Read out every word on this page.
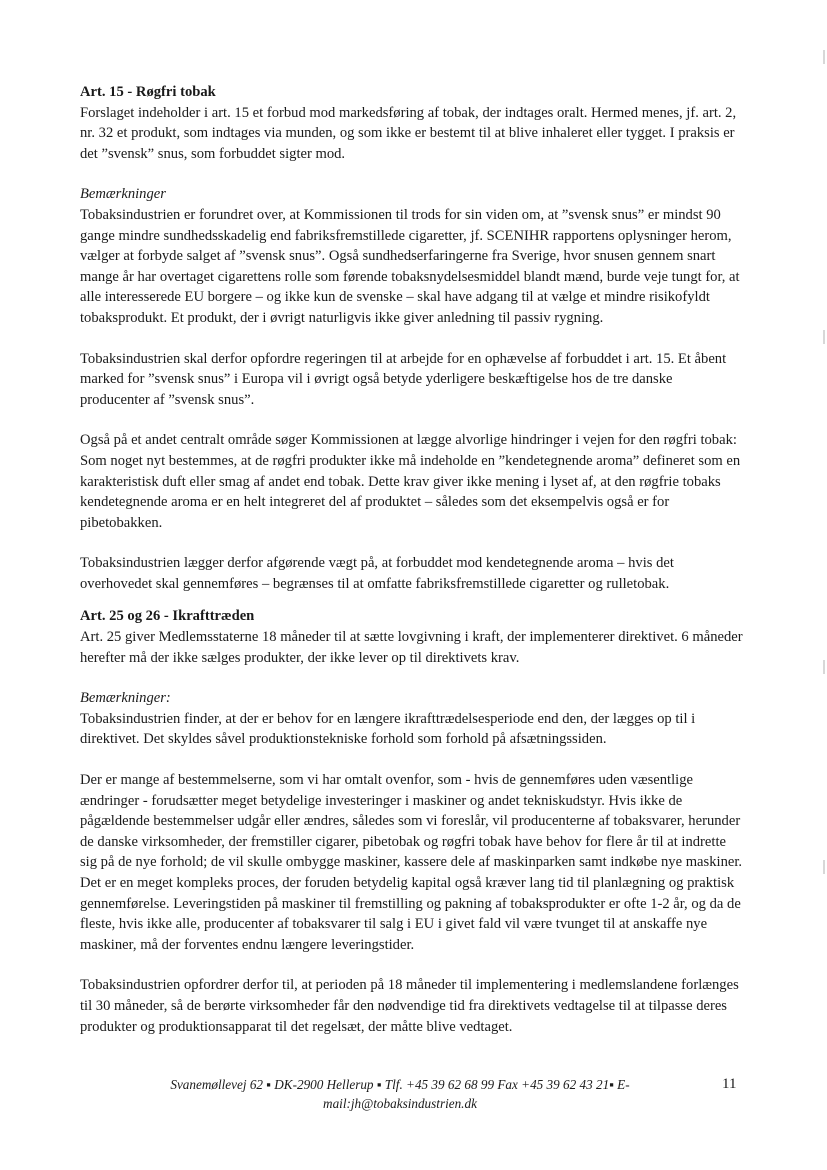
Art. 15 - Røgfri tobak

Forslaget indeholder i art. 15 et forbud mod markedsføring af tobak, der indtages oralt. Hermed menes, jf. art. 2, nr. 32 et produkt, som indtages via munden, og som ikke er bestemt til at blive inhaleret eller tygget. I praksis er det ”svensk” snus, som forbuddet sigter mod.

Bemærkninger

Tobaksindustrien er forundret over, at Kommissionen til trods for sin viden om, at ”svensk snus” er mindst 90 gange mindre sundhedsskadelig end fabriksfremstillede cigaretter, jf. SCENIHR rapportens oplysninger herom, vælger at forbyde salget af ”svensk snus”. Også sundhedserfaringerne fra Sverige, hvor snusen gennem snart mange år har overtaget cigarettens rolle som førende tobaksnydelsesmiddel blandt mænd, burde veje tungt for, at alle interesserede EU borgere – og ikke kun de svenske – skal have adgang til at vælge et mindre risikofyldt tobaksprodukt. Et produkt, der i øvrigt naturligvis ikke giver anledning til passiv rygning.

Tobaksindustrien skal derfor opfordre regeringen til at arbejde for en ophævelse af forbuddet i art. 15. Et åbent marked for ”svensk snus” i Europa vil i øvrigt også betyde yderligere beskæftigelse hos de tre danske producenter af ”svensk snus”.

Også på et andet centralt område søger Kommissionen at lægge alvorlige hindringer i vejen for den røgfri tobak: Som noget nyt bestemmes, at de røgfri produkter ikke må indeholde en ”kendetegnende aroma” defineret som en karakteristisk duft eller smag af andet end tobak. Dette krav giver ikke mening i lyset af, at den røgfrie tobaks kendetegnende aroma er en helt integreret del af produktet – således som det eksempelvis også er for pibetobakken.

Tobaksindustrien lægger derfor afgørende vægt på, at forbuddet mod kendetegnende aroma – hvis det overhovedet skal gennemføres – begrænses til at omfatte fabriksfremstillede cigaretter og rulletobak.

Art. 25 og 26 - Ikrafttræden

Art. 25 giver Medlemsstaterne 18 måneder til at sætte lovgivning i kraft, der implementerer direktivet. 6 måneder herefter må der ikke sælges produkter, der ikke lever op til direktivets krav.

Bemærkninger:

Tobaksindustrien finder, at der er behov for en længere ikrafttrædelsesperiode end den, der lægges op til i direktivet. Det skyldes såvel produktionstekniske forhold som forhold på afsætningssiden.

Der er mange af bestemmelserne, som vi har omtalt ovenfor, som - hvis de gennemføres uden væsentlige ændringer - forudsætter meget betydelige investeringer i maskiner og andet tekniskudstyr. Hvis ikke de pågældende bestemmelser udgår eller ændres, således som vi foreslår, vil producenterne af tobaksvarer, herunder de danske virksomheder, der fremstiller cigarer, pibetobak og røgfri tobak have behov for flere år til at indrette sig på de nye forhold; de vil skulle ombygge maskiner, kassere dele af maskinparken samt indkøbe nye maskiner. Det er en meget kompleks proces, der foruden betydelig kapital også kræver lang tid til planlægning og praktisk gennemførelse. Leveringstiden på maskiner til fremstilling og pakning af tobaksprodukter er ofte 1-2 år, og da de fleste, hvis ikke alle, producenter af tobaksvarer til salg i EU i givet fald vil være tvunget til at anskaffe nye maskiner, må der forventes endnu længere leveringstider.

Tobaksindustrien opfordrer derfor til, at perioden på 18 måneder til implementering i medlemslandene forlænges til 30 måneder, så de berørte virksomheder får den nødvendige tid fra direktivets vedtagelse til at tilpasse deres produkter og produktionsapparat til det regelsæt, der måtte blive vedtaget.

Svanemøllevej 62 ▪ DK-2900 Hellerup ▪ Tlf. +45 39 62 68 99 Fax +45 39 62 43 21▪ E-
mail:jh@tobaksindustrien.dk
11
